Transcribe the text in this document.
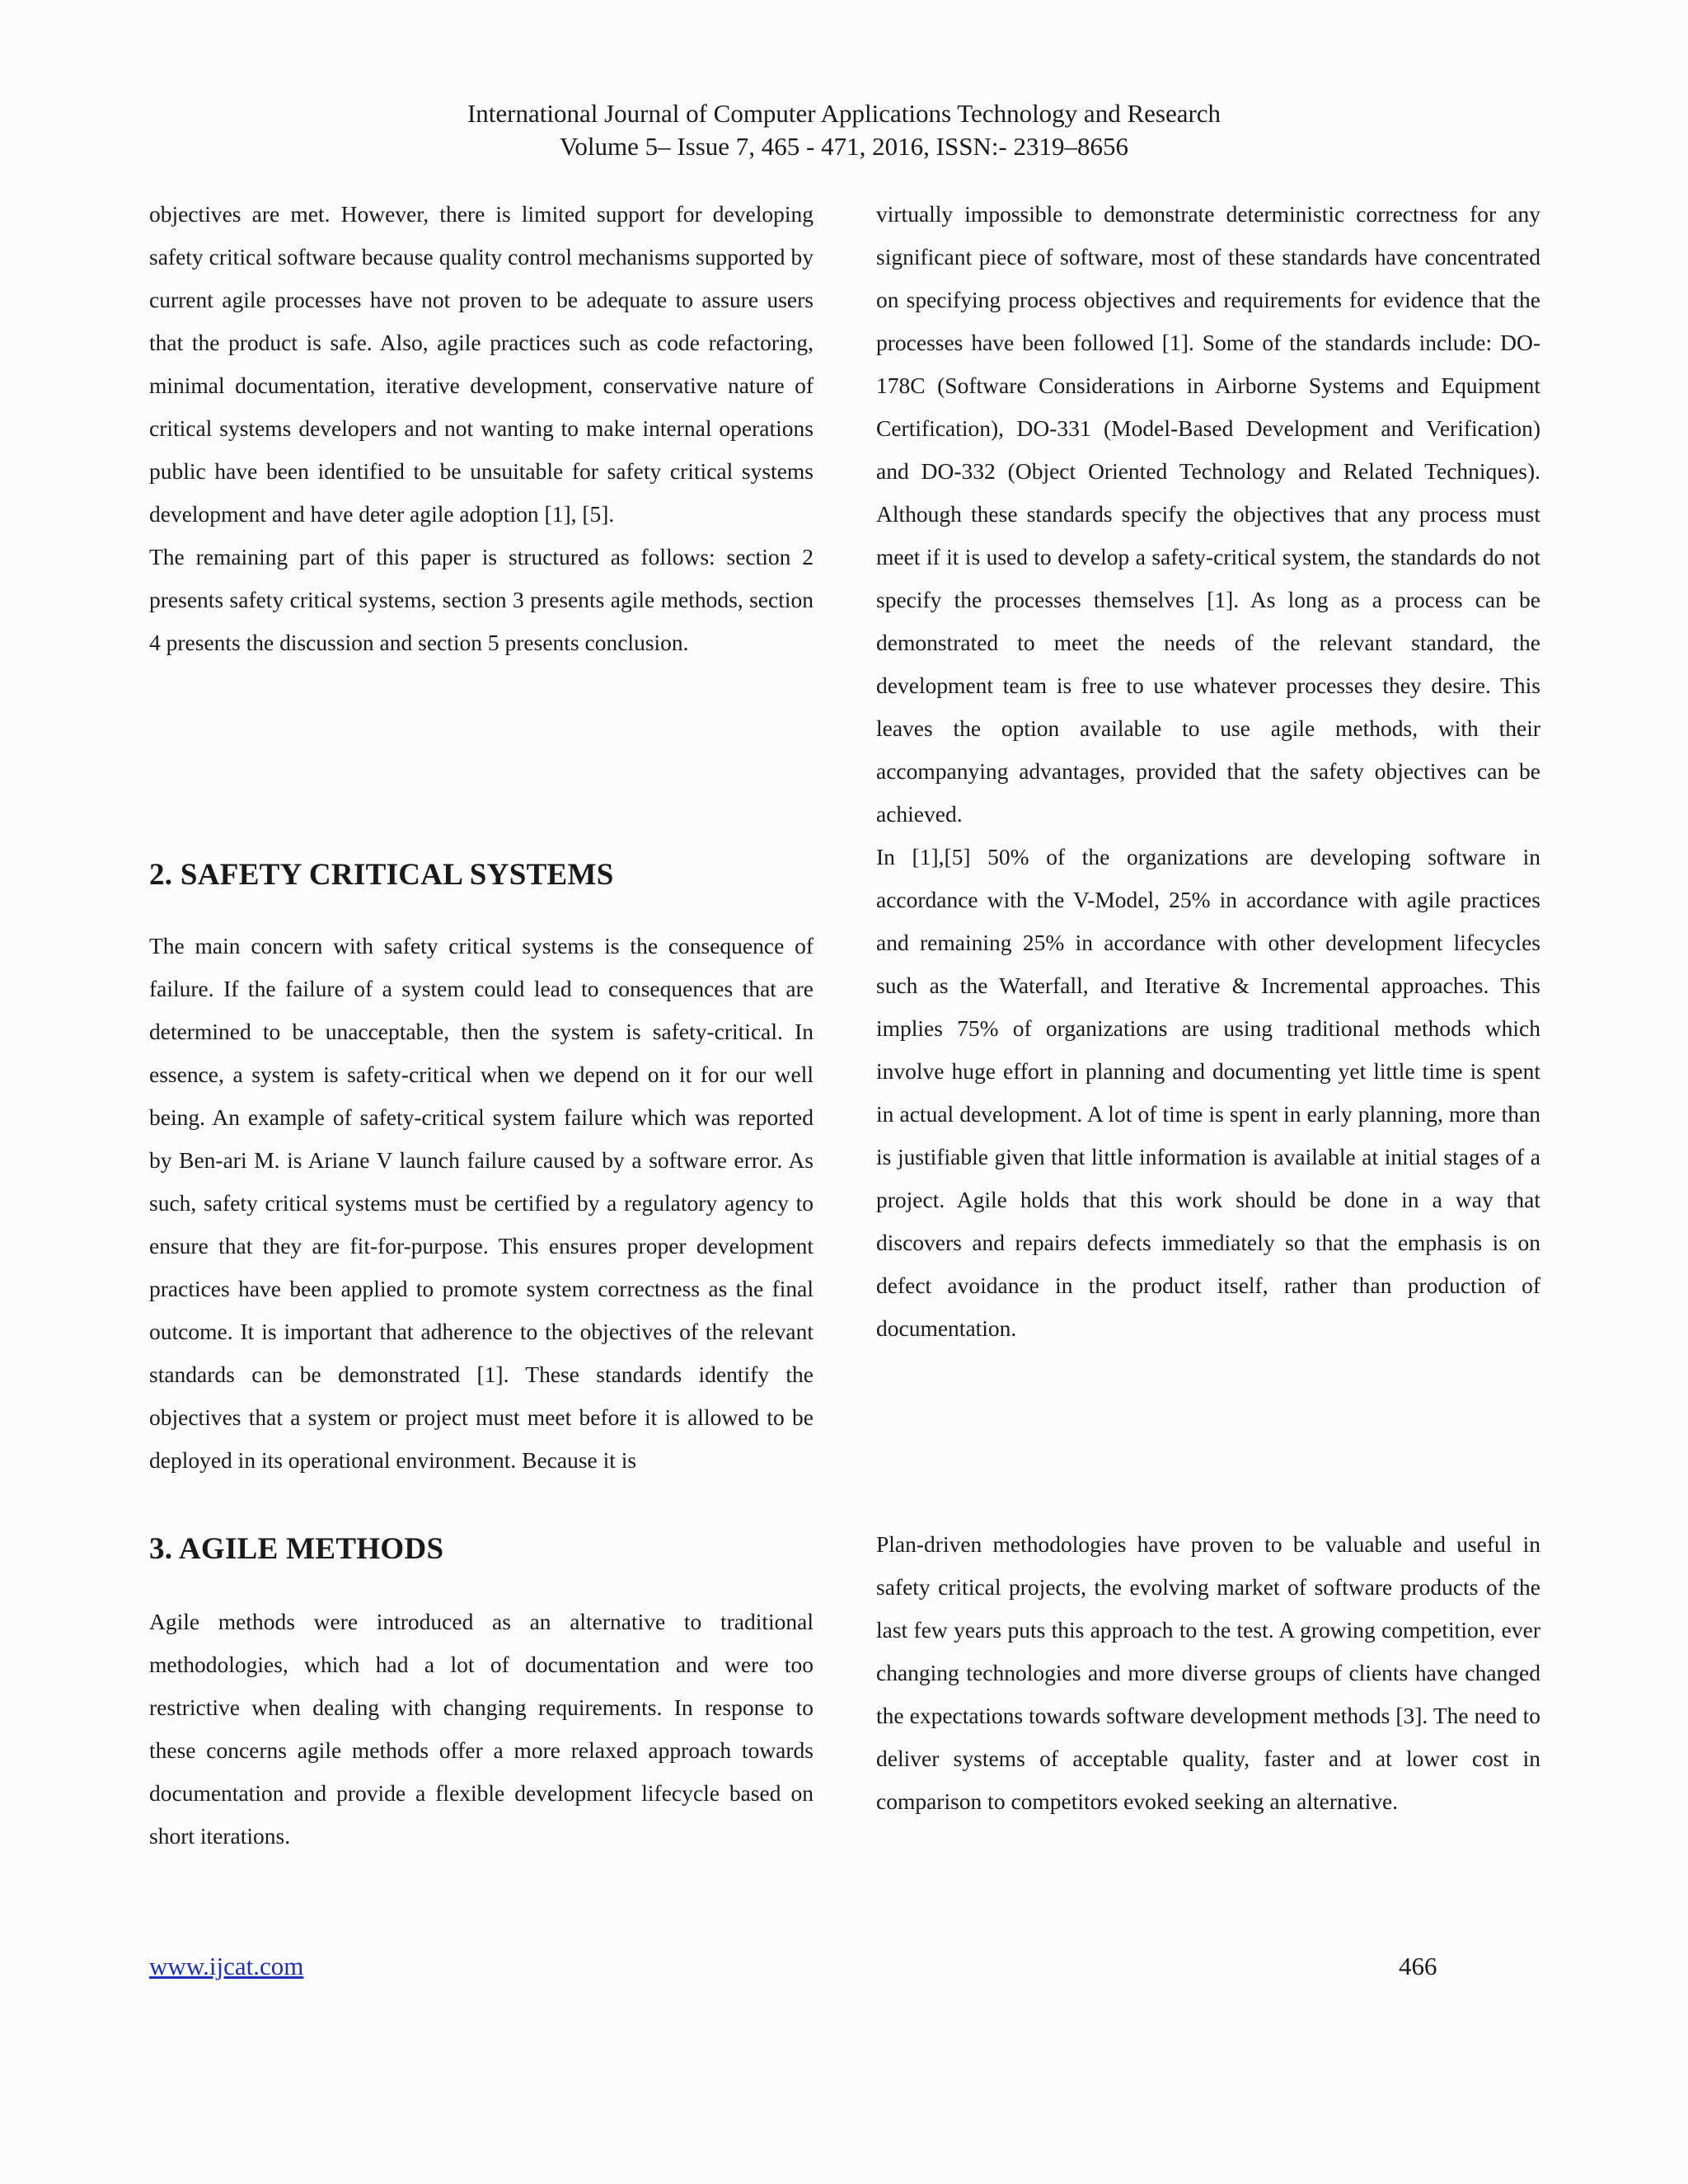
International Journal of Computer Applications Technology and Research
Volume 5– Issue 7, 465 - 471, 2016, ISSN:- 2319–8656

objectives are met. However, there is limited support for developing safety critical software because quality control mechanisms supported by current agile processes have not proven to be adequate to assure users that the product is safe. Also, agile practices such as code refactoring, minimal documentation, iterative development, conservative nature of critical systems developers and not wanting to make internal operations public have been identified to be unsuitable for safety critical systems development and have deter agile adoption [1], [5].

The remaining part of this paper is structured as follows: section 2 presents safety critical systems, section 3 presents agile methods, section 4 presents the discussion and section 5 presents conclusion.

2. SAFETY CRITICAL SYSTEMS

The main concern with safety critical systems is the consequence of failure. If the failure of a system could lead to consequences that are determined to be unacceptable, then the system is safety-critical. In essence, a system is safety-critical when we depend on it for our well being. An example of safety-critical system failure which was reported by Ben-ari M. is Ariane V launch failure caused by a software error. As such, safety critical systems must be certified by a regulatory agency to ensure that they are fit-for-purpose. This ensures proper development practices have been applied to promote system correctness as the final outcome. It is important that adherence to the objectives of the relevant standards can be demonstrated [1]. These standards identify the objectives that a system or project must meet before it is allowed to be deployed in its operational environment. Because it is

3. AGILE METHODS

Agile methods were introduced as an alternative to traditional methodologies, which had a lot of documentation and were too restrictive when dealing with changing requirements. In response to these concerns agile methods offer a more relaxed approach towards documentation and provide a flexible development lifecycle based on short iterations.

virtually impossible to demonstrate deterministic correctness for any significant piece of software, most of these standards have concentrated on specifying process objectives and requirements for evidence that the processes have been followed [1]. Some of the standards include: DO-178C (Software Considerations in Airborne Systems and Equipment Certification), DO-331 (Model-Based Development and Verification) and DO-332 (Object Oriented Technology and Related Techniques). Although these standards specify the objectives that any process must meet if it is used to develop a safety-critical system, the standards do not specify the processes themselves [1]. As long as a process can be demonstrated to meet the needs of the relevant standard, the development team is free to use whatever processes they desire. This leaves the option available to use agile methods, with their accompanying advantages, provided that the safety objectives can be achieved.

In [1],[5] 50% of the organizations are developing software in accordance with the V-Model, 25% in accordance with agile practices and remaining 25% in accordance with other development lifecycles such as the Waterfall, and Iterative & Incremental approaches. This implies 75% of organizations are using traditional methods which involve huge effort in planning and documenting yet little time is spent in actual development. A lot of time is spent in early planning, more than is justifiable given that little information is available at initial stages of a project. Agile holds that this work should be done in a way that discovers and repairs defects immediately so that the emphasis is on defect avoidance in the product itself, rather than production of documentation.

Plan-driven methodologies have proven to be valuable and useful in safety critical projects, the evolving market of software products of the last few years puts this approach to the test. A growing competition, ever changing technologies and more diverse groups of clients have changed the expectations towards software development methods [3]. The need to deliver systems of acceptable quality, faster and at lower cost in comparison to competitors evoked seeking an alternative.

www.ijcat.com	466
